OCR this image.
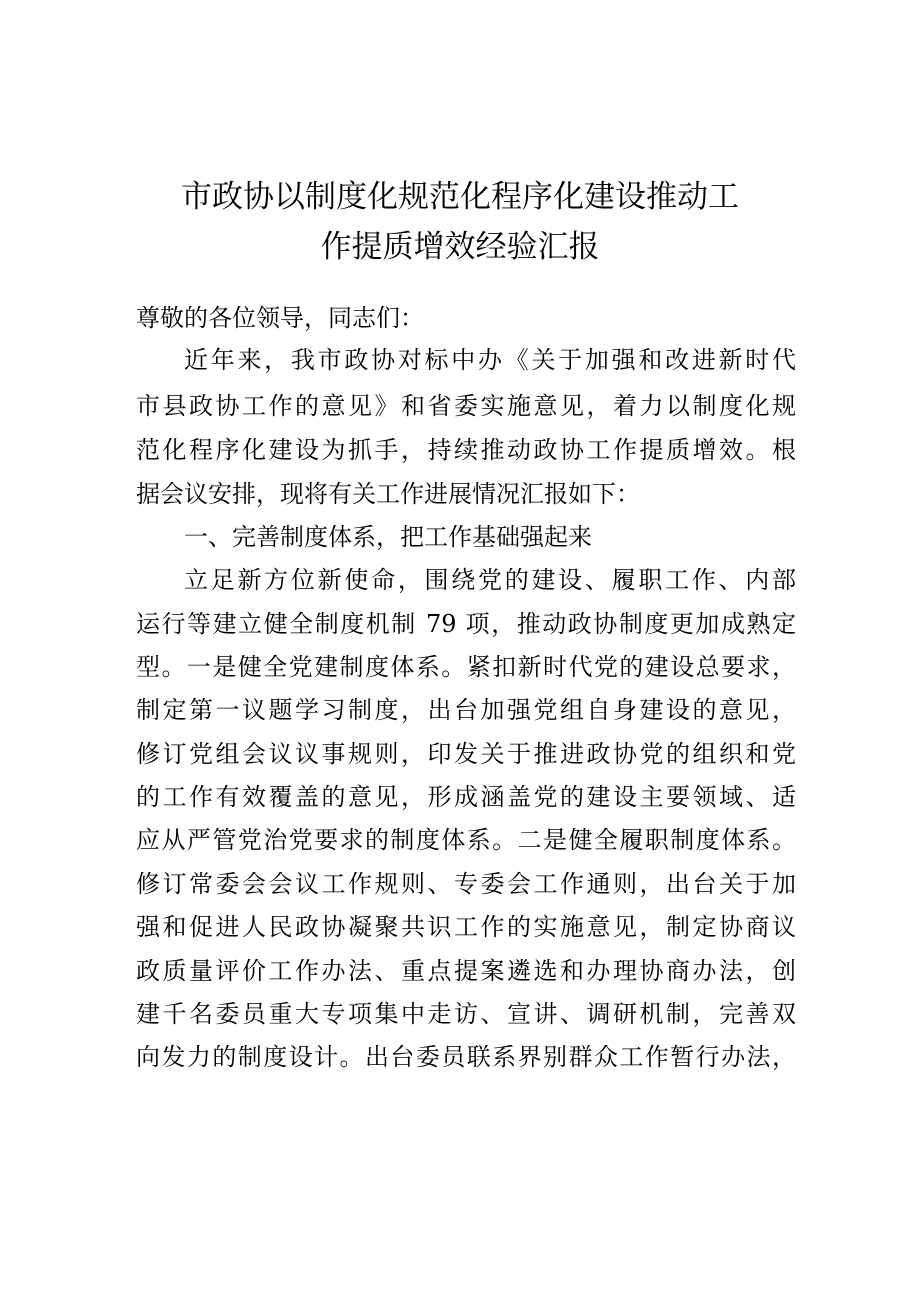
市政协以制度化规范化程序化建设推动工
作提质增效经验汇报
尊敬的各位领导，同志们：
近年来，我市政协对标中办《关于加强和改进新时代
市县政协工作的意见》和省委实施意见，着力以制度化规
范化程序化建设为抓手，持续推动政协工作提质增效。根
据会议安排，现将有关工作进展情况汇报如下：
一、完善制度体系，把工作基础强起来
立足新方位新使命，围绕党的建设、履职工作、内部
运行等建立健全制度机制 79 项，推动政协制度更加成熟定
型。一是健全党建制度体系。紧扣新时代党的建设总要求，
制定第一议题学习制度，出台加强党组自身建设的意见，
修订党组会议议事规则，印发关于推进政协党的组织和党
的工作有效覆盖的意见，形成涵盖党的建设主要领域、适
应从严管党治党要求的制度体系。二是健全履职制度体系。
修订常委会会议工作规则、专委会工作通则，出台关于加
强和促进人民政协凝聚共识工作的实施意见，制定协商议
政质量评价工作办法、重点提案遴选和办理协商办法，创
建千名委员重大专项集中走访、宣讲、调研机制，完善双
向发力的制度设计。出台委员联系界别群众工作暂行办法，
